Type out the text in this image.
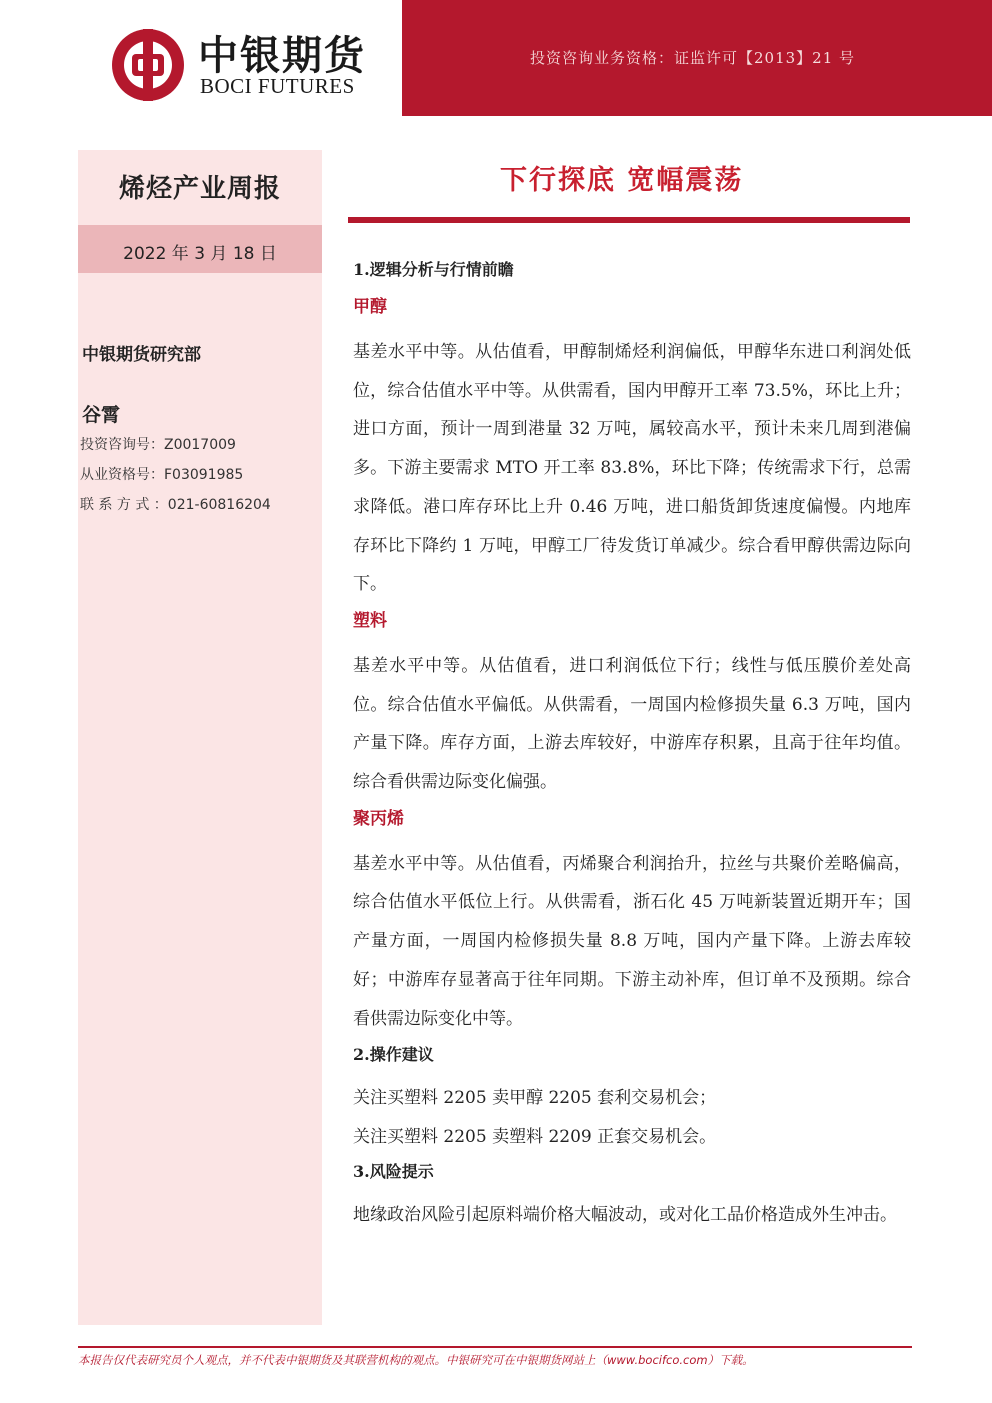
中银期货
BOCI FUTURES
投资咨询业务资格：证监许可【2013】21 号
烯烃产业周报
2022 年 3 月 18 日
中银期货研究部
谷霄
投资咨询号：Z0017009
从业资格号：F03091985
联 系 方 式 ：021-60816204
下行探底 宽幅震荡
1.逻辑分析与行情前瞻
甲醇
基差水平中等。从估值看，甲醇制烯烃利润偏低，甲醇华东进口利润处低位，综合估值水平中等。从供需看，国内甲醇开工率 73.5%，环比上升；进口方面，预计一周到港量 32 万吨，属较高水平，预计未来几周到港偏多。下游主要需求 MTO 开工率 83.8%，环比下降；传统需求下行，总需求降低。港口库存环比上升 0.46 万吨，进口船货卸货速度偏慢。内地库存环比下降约 1 万吨，甲醇工厂待发货订单减少。综合看甲醇供需边际向下。
塑料
基差水平中等。从估值看，进口利润低位下行；线性与低压膜价差处高位。综合估值水平偏低。从供需看，一周国内检修损失量 6.3 万吨，国内产量下降。库存方面，上游去库较好，中游库存积累，且高于往年均值。综合看供需边际变化偏强。
聚丙烯
基差水平中等。从估值看，丙烯聚合利润抬升，拉丝与共聚价差略偏高，综合估值水平低位上行。从供需看，浙石化 45 万吨新装置近期开车；国产量方面，一周国内检修损失量 8.8 万吨，国内产量下降。上游去库较好；中游库存显著高于往年同期。下游主动补库，但订单不及预期。综合看供需边际变化中等。
2.操作建议
关注买塑料 2205 卖甲醇 2205 套利交易机会；
关注买塑料 2205 卖塑料 2209 正套交易机会。
3.风险提示
地缘政治风险引起原料端价格大幅波动，或对化工品价格造成外生冲击。
本报告仅代表研究员个人观点，并不代表中银期货及其联营机构的观点。中银研究可在中银期货网站上（www.bocifco.com）下载。
